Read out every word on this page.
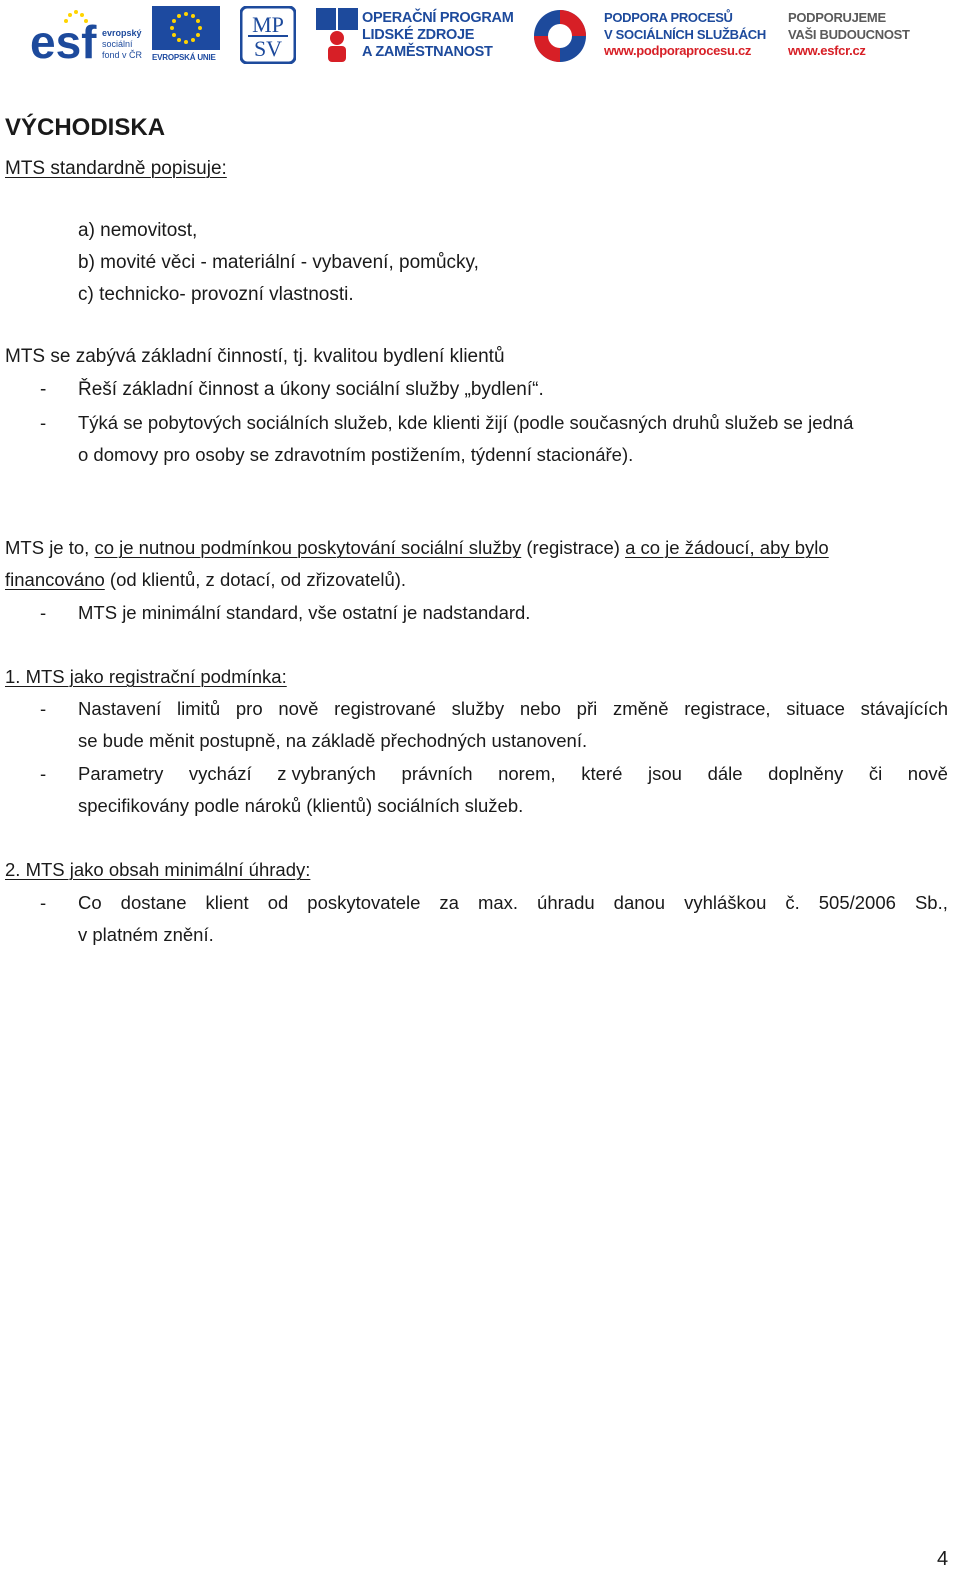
esf evropský
sociální
fond v ČR EVROPSKÁ UNIE
MP
SV
OPERAČNÍ PROGRAM
LIDSKÉ ZDROJE
A ZAMĚSTNANOST
PODPORA PROCESŮ
V SOCIÁLNÍCH SLUŽBÁCH
www.podporaprocesu.cz
PODPORUJEME
VAŠI BUDOUCNOST
www.esfcr.cz
VÝCHODISKA
MTS standardně popisuje:
a) nemovitost,
b) movité věci - materiální - vybavení, pomůcky,
c) technicko- provozní vlastnosti.
MTS se zabývá základní činností, tj. kvalitou bydlení klientů
- Řeší základní činnost a úkony sociální služby „bydlení“.
- Týká se pobytových sociálních služeb, kde klienti žijí (podle současných druhů služeb se jedná
o domovy pro osoby se zdravotním postižením, týdenní stacionáře).
MTS je to, co je nutnou podmínkou poskytování sociální služby (registrace) a co je žádoucí, aby bylo
financováno (od klientů, z dotací, od zřizovatelů).
- MTS je minimální standard, vše ostatní je nadstandard.
1. MTS jako registrační podmínka:
- Nastavení limitů pro nově registrované služby nebo při změně registrace, situace stávajících
se bude měnit postupně, na základě přechodných ustanovení.
- Parametry vychází z vybraných právních norem, které jsou dále doplněny či nově
specifikovány podle nároků (klientů) sociálních služeb.
2. MTS jako obsah minimální úhrady:
- Co dostane klient od poskytovatele za max. úhradu danou vyhláškou č. 505/2006 Sb.,
v platném znění.
4
